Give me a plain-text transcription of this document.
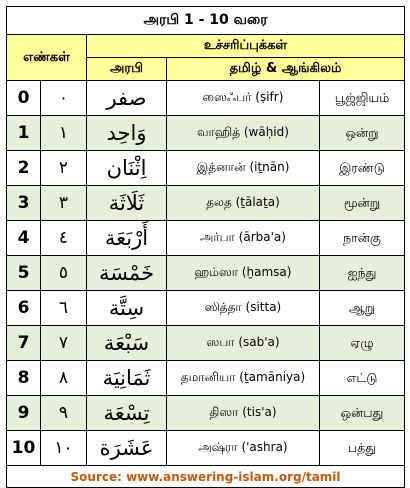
அரபி 1 - 10 வரை				
எண்கள்		உச்சரிப்புக்கள்		
		அரபி	தமிழ் & ஆங்கிலம்	
0	٠	صفر	ஸைஃபர் (ṣifr)	பூஜ்ஜியம்
1	١	وَاحِد	வாஹித் (wāḥid)	ஒன்று
2	٢	اِثْنَان	இத்னான் (iṯnān)	இரண்டு
3	٣	ثَلَاثَة	தலத (ṯālaṯa)	மூன்று
4	٤	أَرْبَعَة	அர்பா (ārba'a)	நான்கு
5	٥	خَمْسَة	ஹம்ஸா (ḫamsa)	ஐந்து
6	٦	سِتَّة	ஸித்தா (sitta)	ஆறு
7	٧	سَبْعَة	ஸபா (sab'a)	ஏழு
8	٨	ثَمَانِيَة	தமானியா (ṯamāniya)	எட்டு
9	٩	تِسْعَة	திஸா (tis'a)	ஒன்பது
10	١٠	عَشَرَة	அஷ்ரா ('ashra)	பத்து
Source: www.answering-islam.org/tamil				
